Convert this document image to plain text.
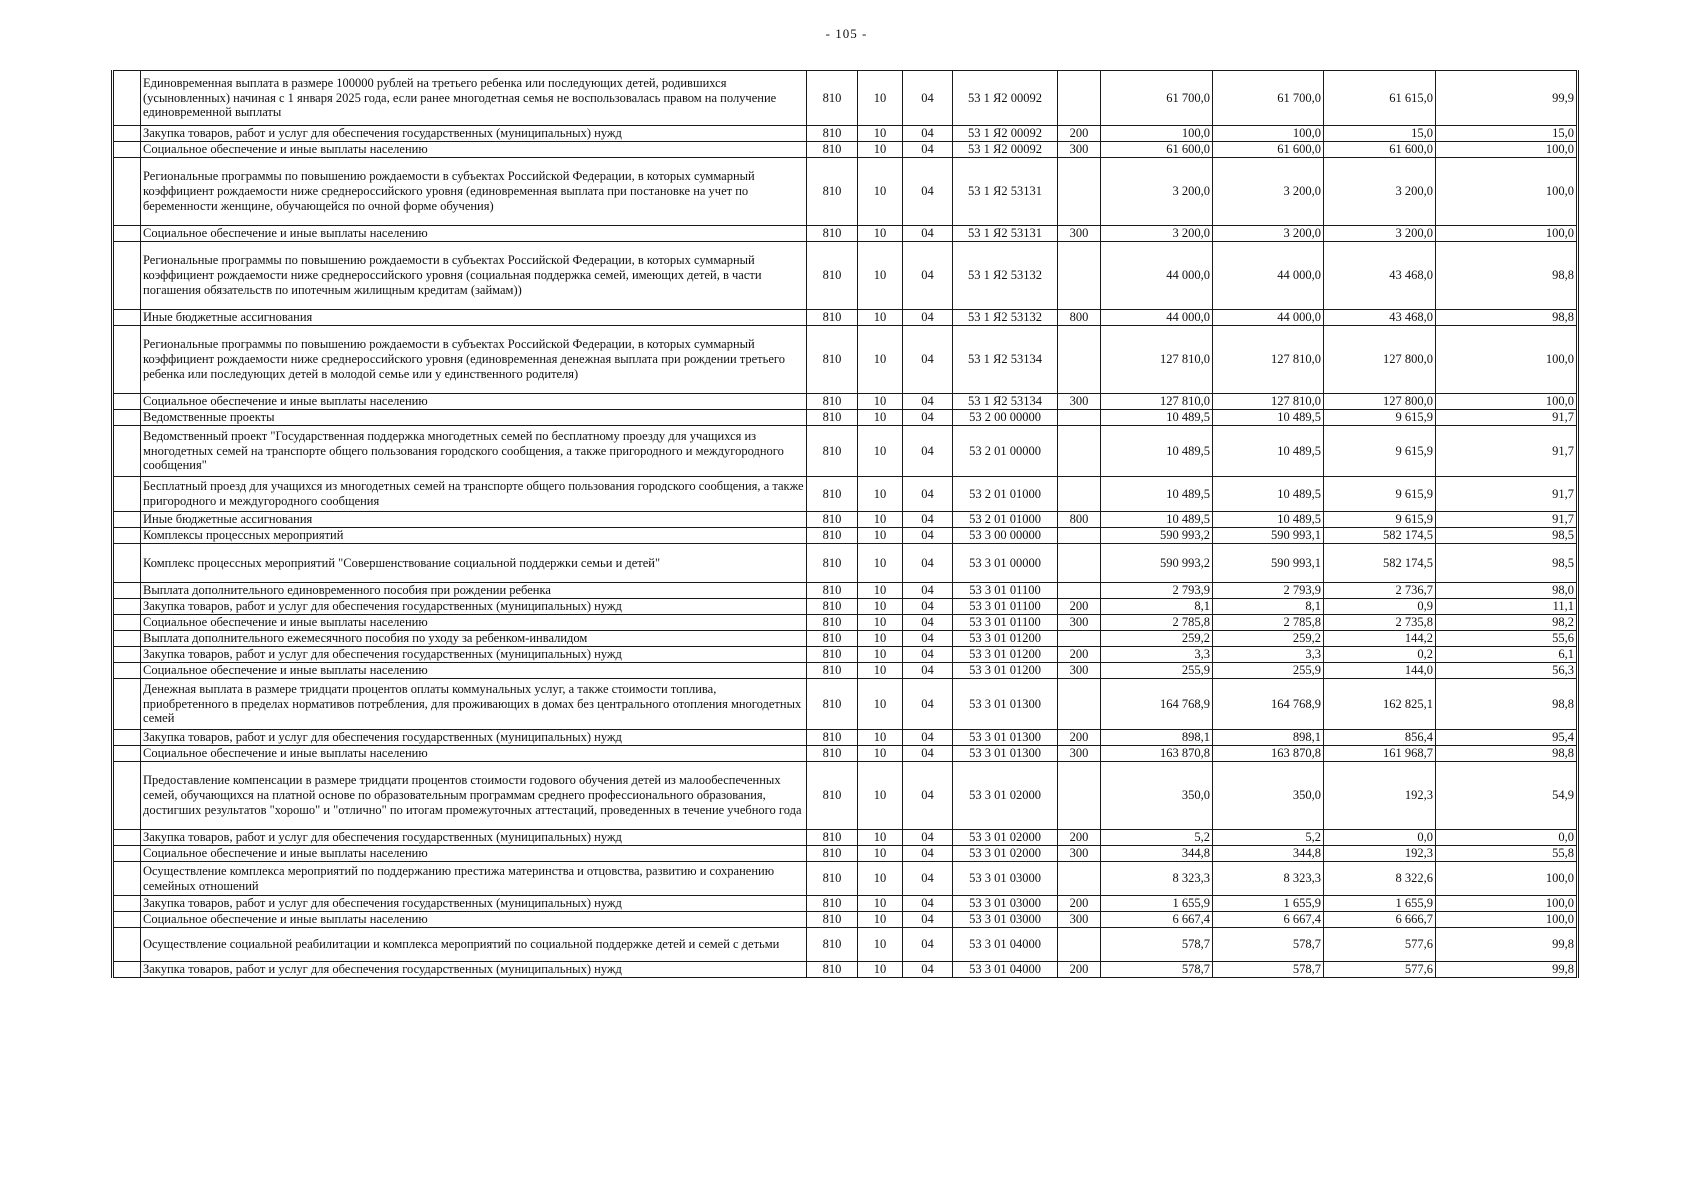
- 105 -
	Единовременная выплата в размере 100000 рублей на третьего ребенка или последующих детей, родившихся (усыновленных) начиная с 1 января 2025 года, если ранее многодетная семья не воспользовалась правом на получение единовременной выплаты	810	10	04	53 1 Я2 00092		61 700,0	61 700,0	61 615,0	99,9
	Закупка товаров, работ и услуг для обеспечения государственных (муниципальных) нужд	810	10	04	53 1 Я2 00092	200	100,0	100,0	15,0	15,0
	Социальное обеспечение и иные выплаты населению	810	10	04	53 1 Я2 00092	300	61 600,0	61 600,0	61 600,0	100,0
	Региональные программы по повышению рождаемости в субъектах Российской Федерации, в которых суммарный коэффициент рождаемости ниже среднероссийского уровня (единовременная выплата при постановке на учет по беременности женщине, обучающейся по очной форме обучения)	810	10	04	53 1 Я2 53131		3 200,0	3 200,0	3 200,0	100,0
	Социальное обеспечение и иные выплаты населению	810	10	04	53 1 Я2 53131	300	3 200,0	3 200,0	3 200,0	100,0
	Региональные программы по повышению рождаемости в субъектах Российской Федерации, в которых суммарный коэффициент рождаемости ниже среднероссийского уровня (социальная поддержка семей, имеющих детей, в части погашения обязательств по ипотечным жилищным кредитам (займам))	810	10	04	53 1 Я2 53132		44 000,0	44 000,0	43 468,0	98,8
	Иные бюджетные ассигнования	810	10	04	53 1 Я2 53132	800	44 000,0	44 000,0	43 468,0	98,8
	Региональные программы по повышению рождаемости в субъектах Российской Федерации, в которых суммарный коэффициент рождаемости ниже среднероссийского уровня (единовременная денежная выплата при рождении третьего ребенка или последующих детей в молодой семье или у единственного родителя)	810	10	04	53 1 Я2 53134		127 810,0	127 810,0	127 800,0	100,0
	Социальное обеспечение и иные выплаты населению	810	10	04	53 1 Я2 53134	300	127 810,0	127 810,0	127 800,0	100,0
	Ведомственные проекты	810	10	04	53 2 00 00000		10 489,5	10 489,5	9 615,9	91,7
	Ведомственный проект "Государственная поддержка многодетных семей по бесплатному проезду для учащихся из многодетных семей на транспорте общего пользования городского сообщения, а также пригородного и междугородного сообщения"	810	10	04	53 2 01 00000		10 489,5	10 489,5	9 615,9	91,7
	Бесплатный проезд для учащихся из многодетных семей на транспорте общего пользования городского сообщения, а также пригородного и междугородного сообщения	810	10	04	53 2 01 01000		10 489,5	10 489,5	9 615,9	91,7
	Иные бюджетные ассигнования	810	10	04	53 2 01 01000	800	10 489,5	10 489,5	9 615,9	91,7
	Комплексы процессных мероприятий	810	10	04	53 3 00 00000		590 993,2	590 993,1	582 174,5	98,5
	Комплекс процессных мероприятий "Совершенствование социальной поддержки семьи и детей"	810	10	04	53 3 01 00000		590 993,2	590 993,1	582 174,5	98,5
	Выплата дополнительного единовременного пособия при рождении ребенка	810	10	04	53 3 01 01100		2 793,9	2 793,9	2 736,7	98,0
	Закупка товаров, работ и услуг для обеспечения государственных (муниципальных) нужд	810	10	04	53 3 01 01100	200	8,1	8,1	0,9	11,1
	Социальное обеспечение и иные выплаты населению	810	10	04	53 3 01 01100	300	2 785,8	2 785,8	2 735,8	98,2
	Выплата дополнительного ежемесячного пособия по уходу за ребенком-инвалидом	810	10	04	53 3 01 01200		259,2	259,2	144,2	55,6
	Закупка товаров, работ и услуг для обеспечения государственных (муниципальных) нужд	810	10	04	53 3 01 01200	200	3,3	3,3	0,2	6,1
	Социальное обеспечение и иные выплаты населению	810	10	04	53 3 01 01200	300	255,9	255,9	144,0	56,3
	Денежная выплата в размере тридцати процентов оплаты коммунальных услуг, а также стоимости топлива, приобретенного в пределах нормативов потребления, для проживающих в домах без центрального отопления многодетных семей	810	10	04	53 3 01 01300		164 768,9	164 768,9	162 825,1	98,8
	Закупка товаров, работ и услуг для обеспечения государственных (муниципальных) нужд	810	10	04	53 3 01 01300	200	898,1	898,1	856,4	95,4
	Социальное обеспечение и иные выплаты населению	810	10	04	53 3 01 01300	300	163 870,8	163 870,8	161 968,7	98,8
	Предоставление компенсации в размере тридцати процентов стоимости годового обучения детей из малообеспеченных семей, обучающихся на платной основе по образовательным программам среднего профессионального образования, достигших результатов "хорошо" и "отлично" по итогам промежуточных аттестаций, проведенных в течение учебного года	810	10	04	53 3 01 02000		350,0	350,0	192,3	54,9
	Закупка товаров, работ и услуг для обеспечения государственных (муниципальных) нужд	810	10	04	53 3 01 02000	200	5,2	5,2	0,0	0,0
	Социальное обеспечение и иные выплаты населению	810	10	04	53 3 01 02000	300	344,8	344,8	192,3	55,8
	Осуществление комплекса мероприятий по поддержанию престижа материнства и отцовства, развитию и сохранению семейных отношений	810	10	04	53 3 01 03000		8 323,3	8 323,3	8 322,6	100,0
	Закупка товаров, работ и услуг для обеспечения государственных (муниципальных) нужд	810	10	04	53 3 01 03000	200	1 655,9	1 655,9	1 655,9	100,0
	Социальное обеспечение и иные выплаты населению	810	10	04	53 3 01 03000	300	6 667,4	6 667,4	6 666,7	100,0
	Осуществление социальной реабилитации и комплекса мероприятий по социальной поддержке детей и семей с детьми	810	10	04	53 3 01 04000		578,7	578,7	577,6	99,8
	Закупка товаров, работ и услуг для обеспечения государственных (муниципальных) нужд	810	10	04	53 3 01 04000	200	578,7	578,7	577,6	99,8
